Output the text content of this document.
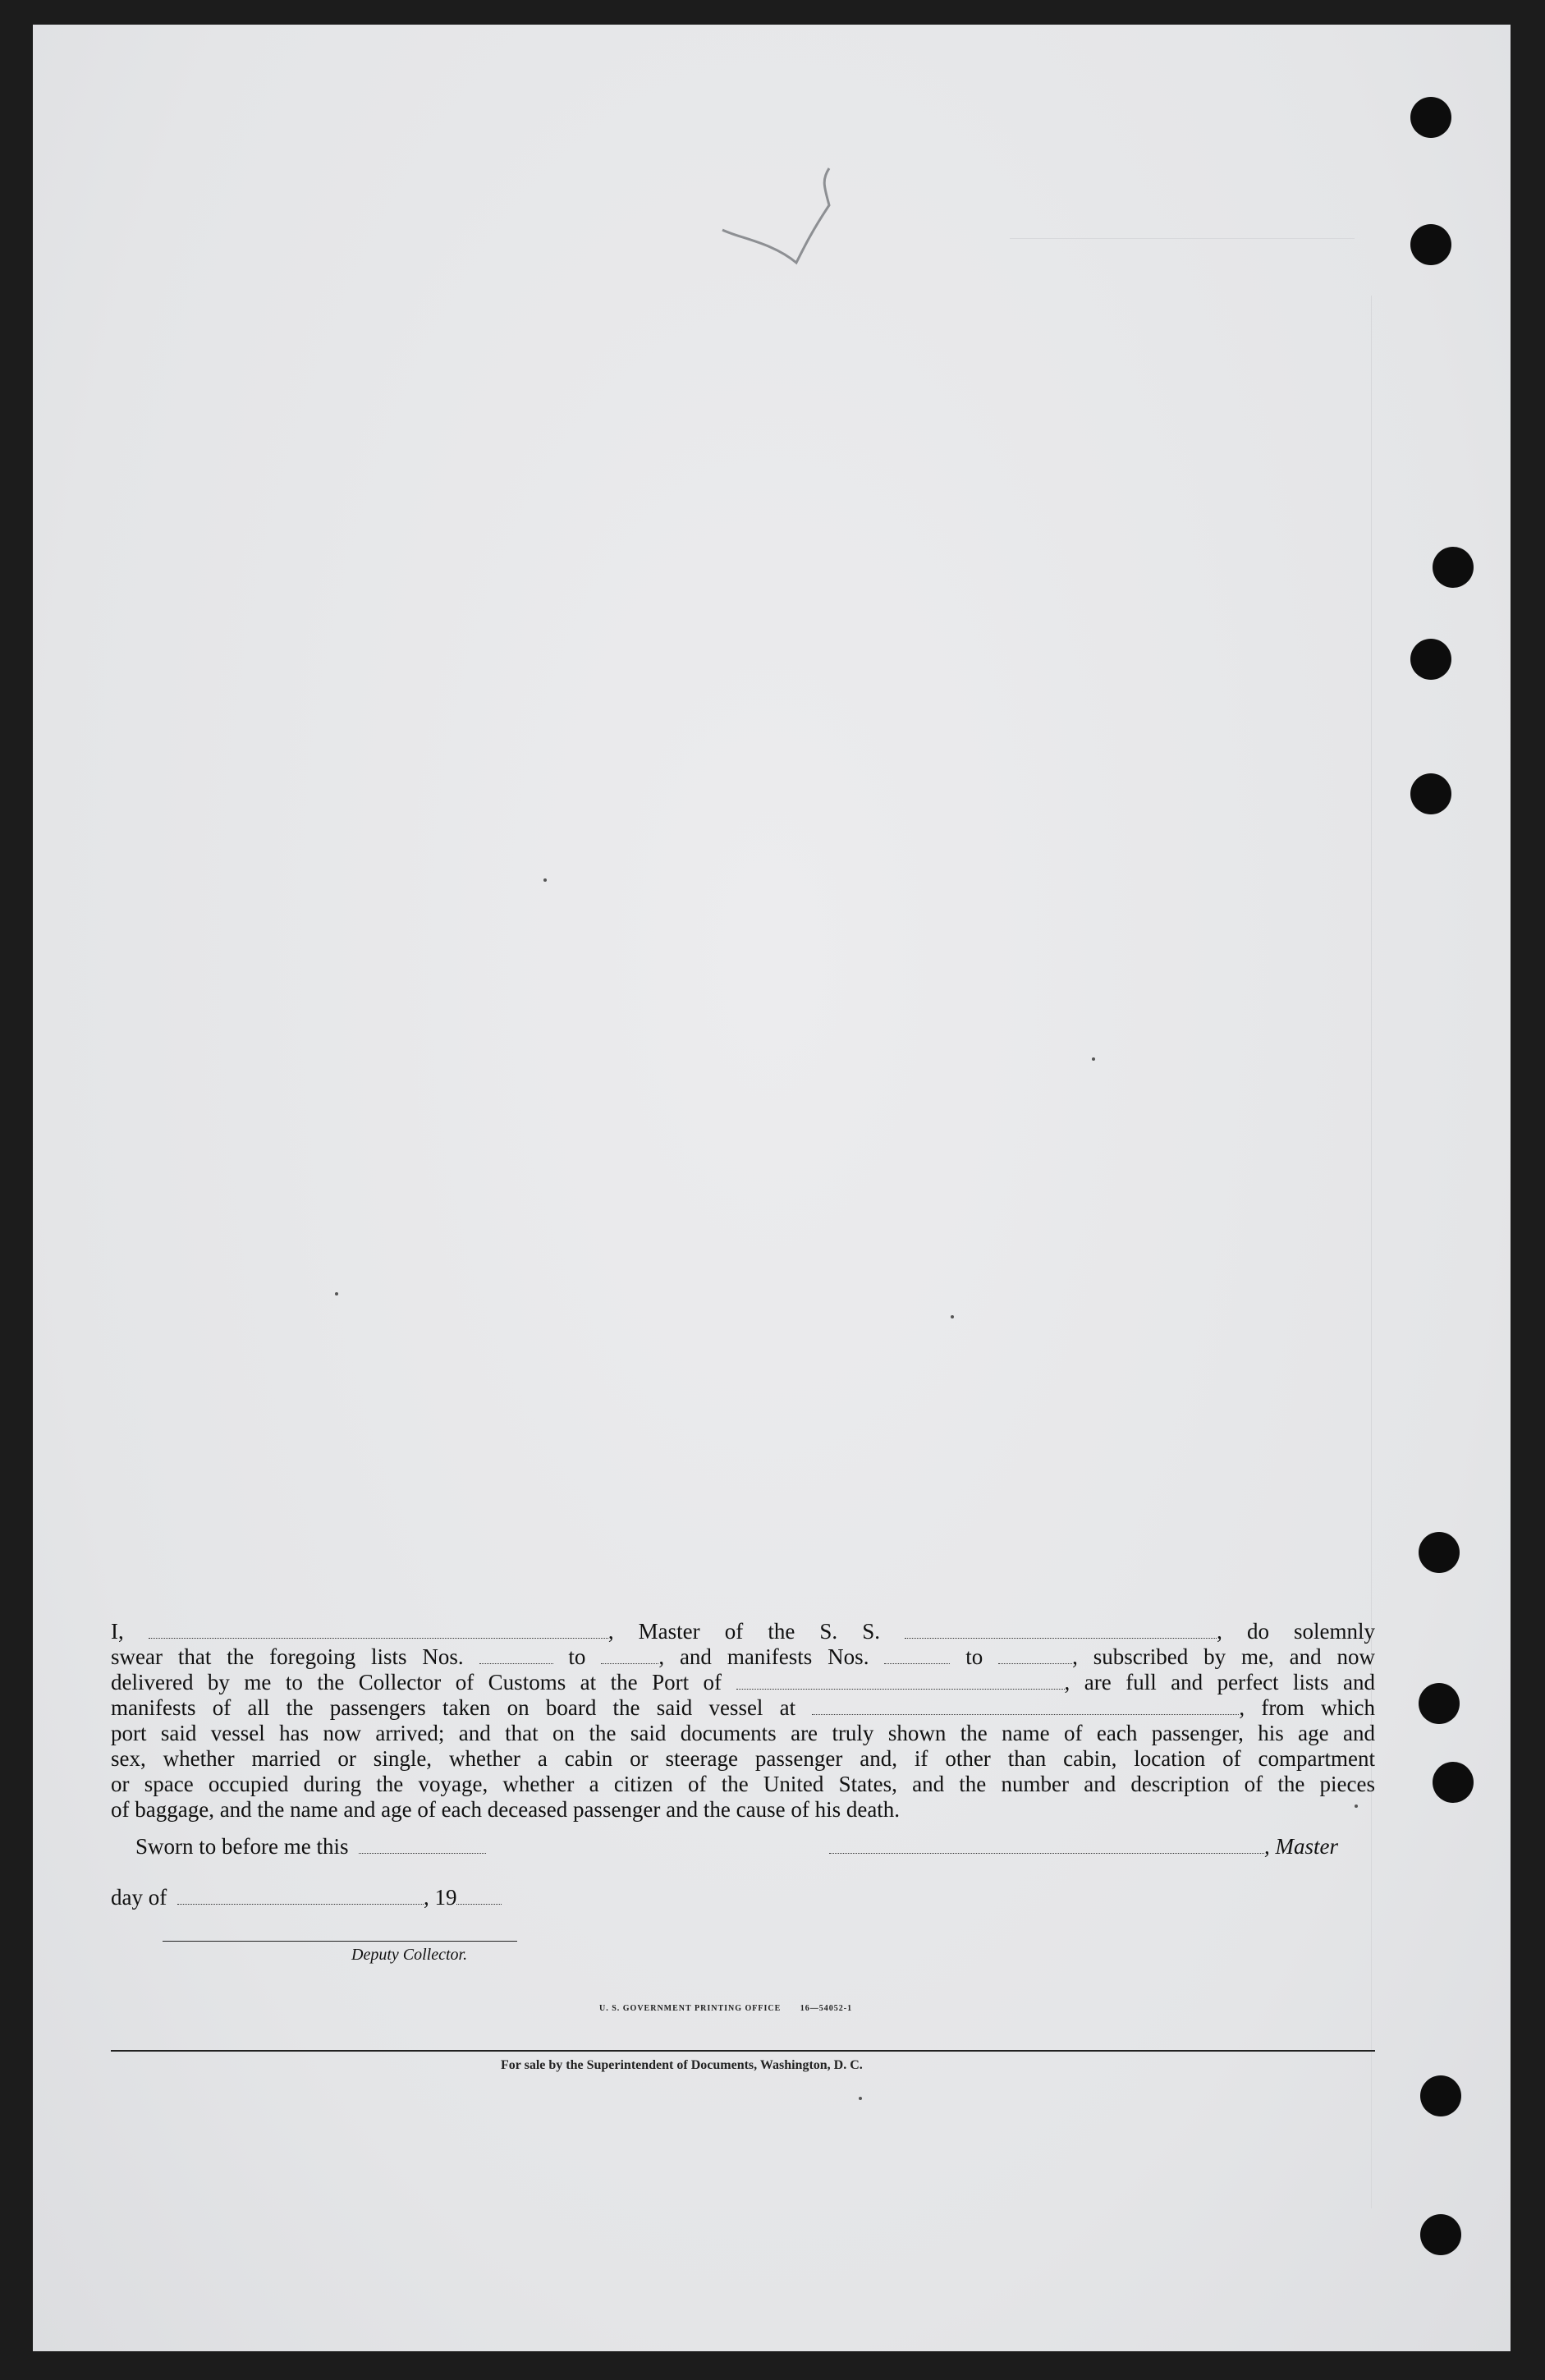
I,	, Master of the S. S.	, do solemnly
swear that the foregoing lists Nos.	to	, and manifests Nos.	to	, subscribed by me, and now
delivered by me to the Collector of Customs at the Port of	, are full and perfect lists and
manifests of all the passengers taken on board the said vessel at	, from which
port said vessel has now arrived; and that on the said documents are truly shown the name of each passenger, his age and
sex, whether married or single, whether a cabin or steerage passenger and, if other than cabin, location of compartment
or space occupied during the voyage, whether a citizen of the United States, and the number and description of the pieces
of baggage, and the name and age of each deceased passenger and the cause of his death.
Sworn to before me this	, Master
day of	, 19
Deputy Collector.
U. S. GOVERNMENT PRINTING OFFICE 16—54052-1
For sale by the Superintendent of Documents, Washington, D. C.
